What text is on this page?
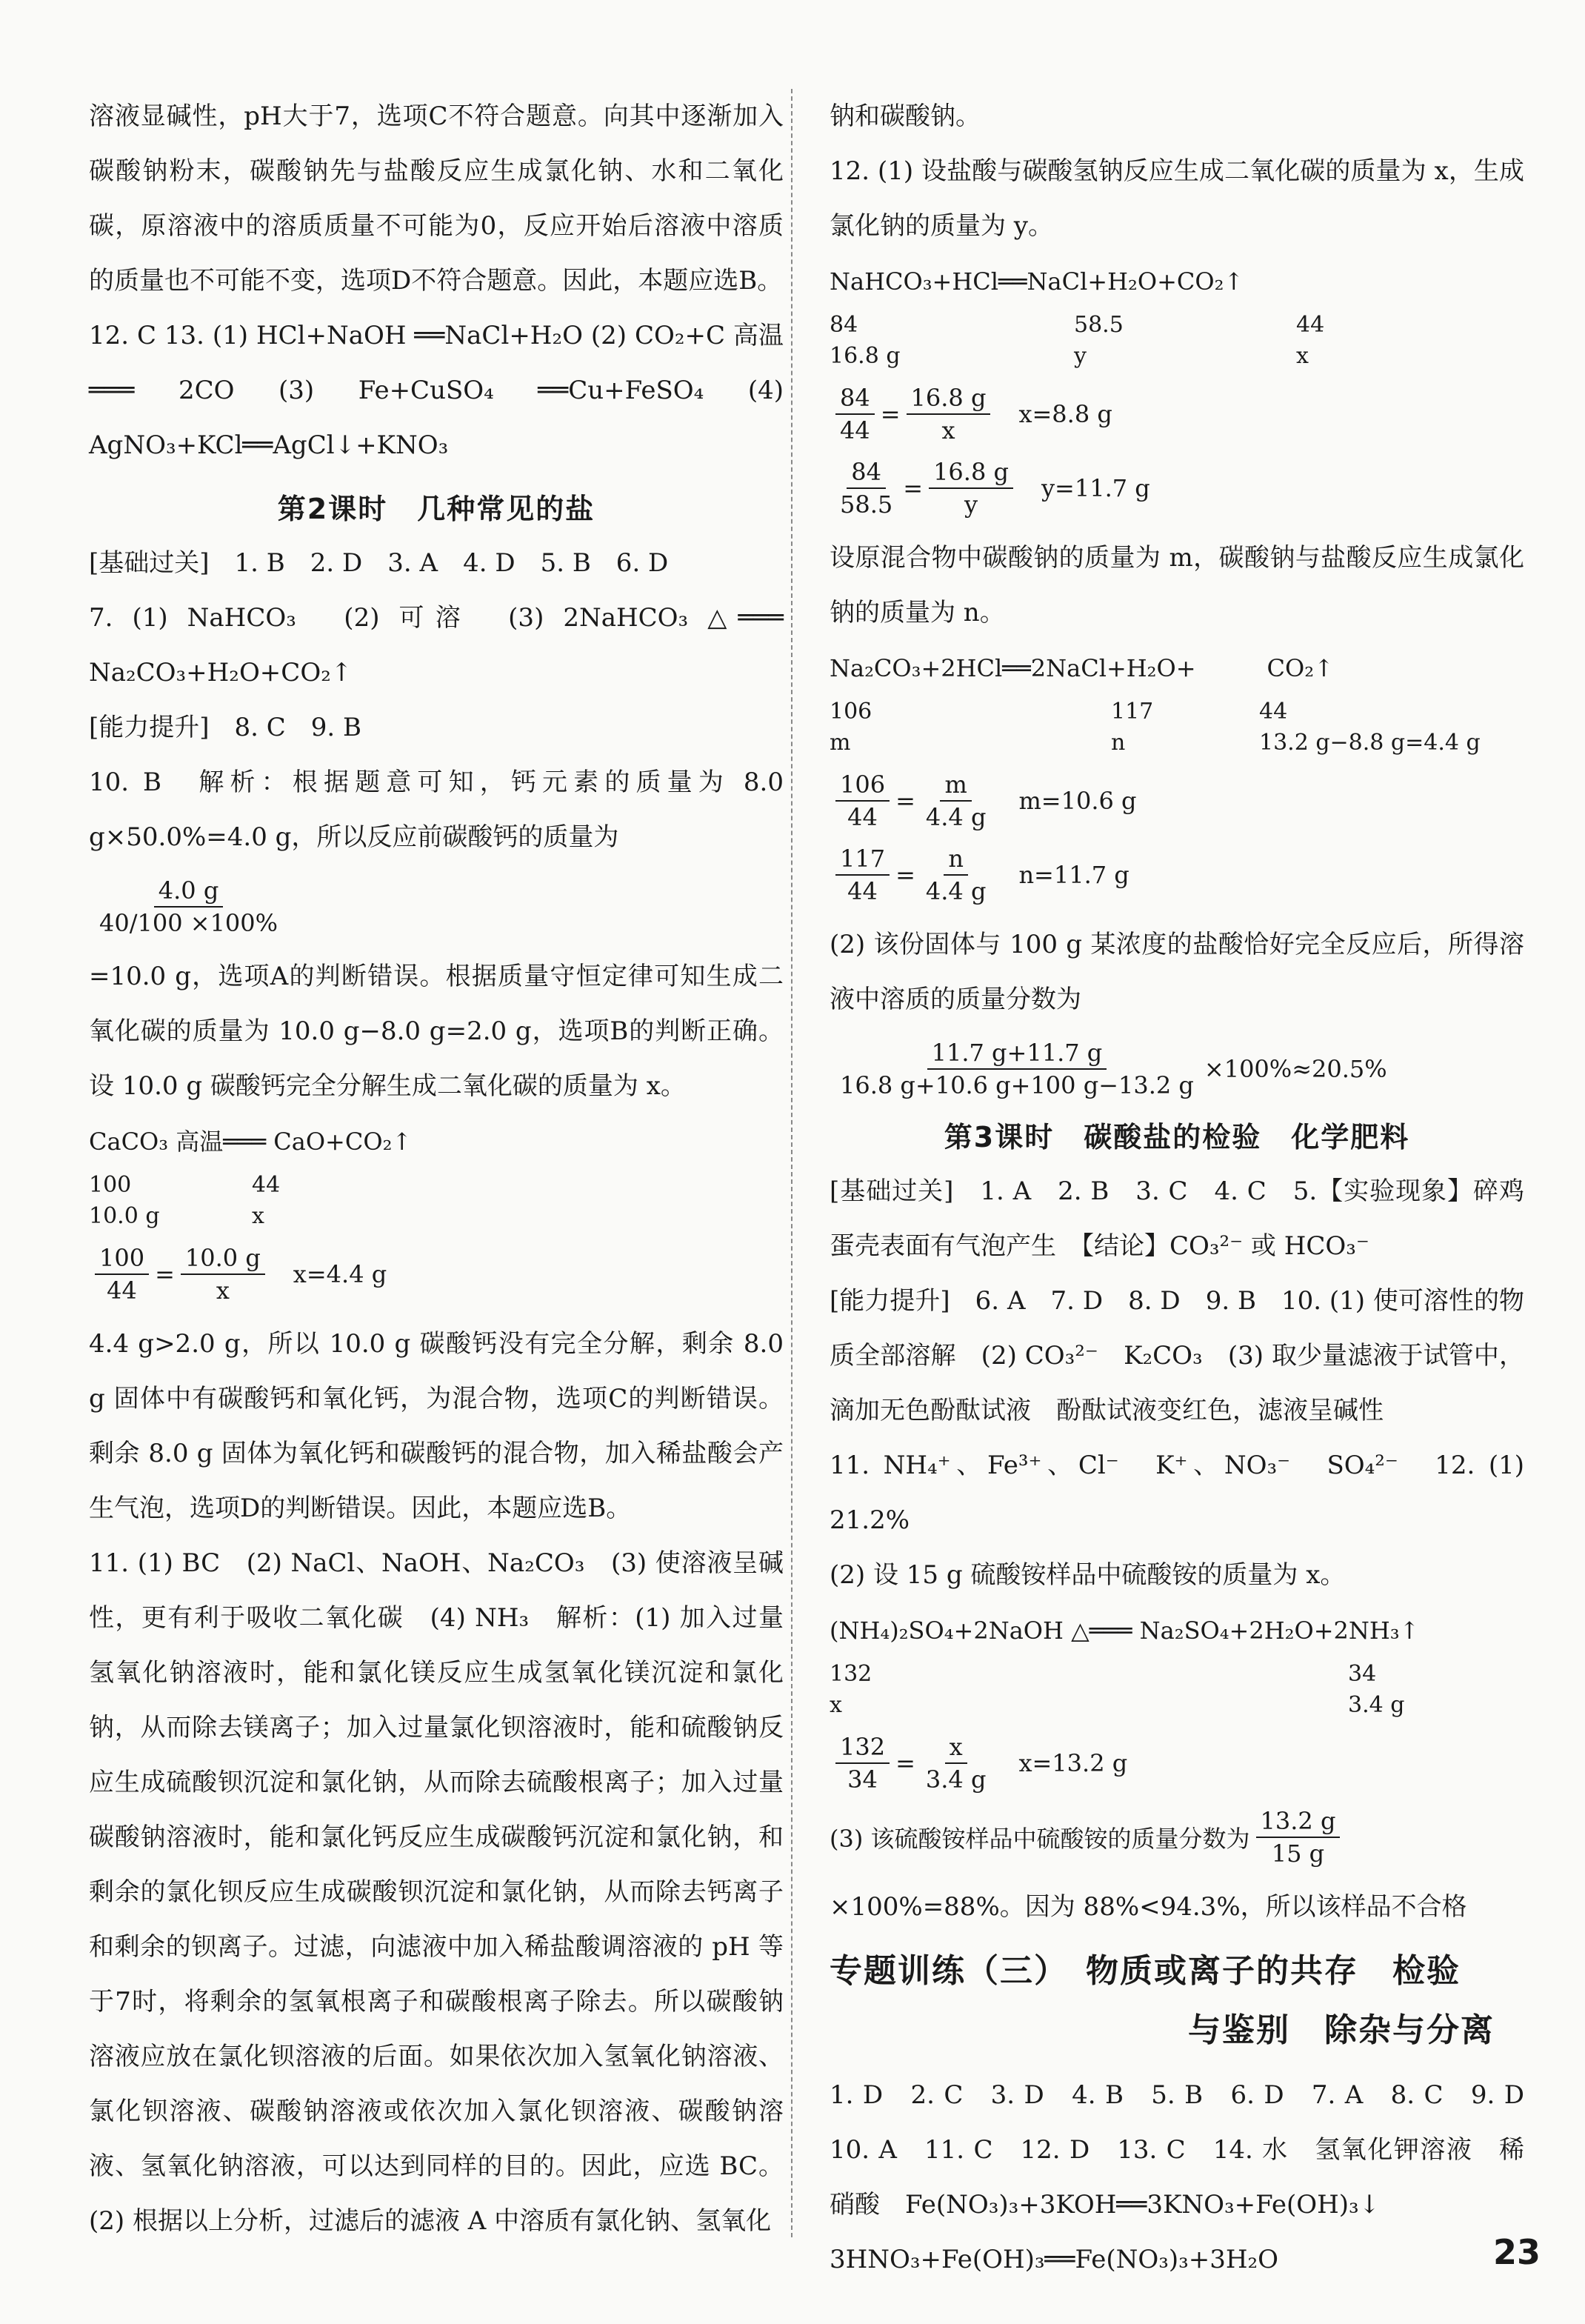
溶液显碱性，pH大于7，选项C不符合题意。向其中逐渐加入碳酸钠粉末，碳酸钠先与盐酸反应生成氯化钠、水和二氧化碳，原溶液中的溶质质量不可能为0，反应开始后溶液中溶质的质量也不可能不变，选项D不符合题意。因此，本题应选B。

12. C 13. (1) HCl+NaOH ══NaCl+H₂O (2) CO₂+C 高温═══ 2CO (3) Fe+CuSO₄ ══Cu+FeSO₄ (4) AgNO₃+KCl══AgCl↓+KNO₃

第2课时　几种常见的盐

[基础过关]　1. B　2. D　3. A　4. D　5. B　6. D

7. (1) NaHCO₃　(2) 可溶　(3) 2NaHCO₃ △═══ Na₂CO₃+H₂O+CO₂↑

[能力提升]　8. C　9. B

10. B　解析：根据题意可知，钙元素的质量为 8.0 g×50.0%=4.0 g，所以反应前碳酸钙的质量为

$\frac{4.0 g}{40/100 \times 100\%}$

=10.0 g，选项A的判断错误。根据质量守恒定律可知生成二氧化碳的质量为 10.0 g−8.0 g=2.0 g，选项B的判断正确。设 10.0 g 碳酸钙完全分解生成二氧化碳的质量为 x。

CaCO₃ 高温═══ CaO+CO₂↑
100	44
10.0 g	x
$\frac{100}{44} = \frac{10.0 g}{x} x=4.4$ g

4.4 g>2.0 g，所以 10.0 g 碳酸钙没有完全分解，剩余 8.0 g 固体中有碳酸钙和氧化钙，为混合物，选项C的判断错误。剩余 8.0 g 固体为氧化钙和碳酸钙的混合物，加入稀盐酸会产生气泡，选项D的判断错误。因此，本题应选B。

11. (1) BC　(2) NaCl、NaOH、Na₂CO₃　(3) 使溶液呈碱性，更有利于吸收二氧化碳　(4) NH₃　解析：(1) 加入过量氢氧化钠溶液时，能和氯化镁反应生成氢氧化镁沉淀和氯化钠，从而除去镁离子；加入过量氯化钡溶液时，能和硫酸钠反应生成硫酸钡沉淀和氯化钠，从而除去硫酸根离子；加入过量碳酸钠溶液时，能和氯化钙反应生成碳酸钙沉淀和氯化钠，和剩余的氯化钡反应生成碳酸钡沉淀和氯化钠，从而除去钙离子和剩余的钡离子。过滤，向滤液中加入稀盐酸调溶液的 pH 等于7时，将剩余的氢氧根离子和碳酸根离子除去。所以碳酸钠溶液应放在氯化钡溶液的后面。如果依次加入氢氧化钠溶液、氯化钡溶液、碳酸钠溶液或依次加入氯化钡溶液、碳酸钠溶液、氢氧化钠溶液，可以达到同样的目的。因此，应选 BC。(2) 根据以上分析，过滤后的滤液 A 中溶质有氯化钠、氢氧化

钠和碳酸钠。

12. (1) 设盐酸与碳酸氢钠反应生成二氧化碳的质量为 x，生成氯化钠的质量为 y。

NaHCO₃+HCl══NaCl+H₂O+CO₂↑
84	58.5	44
16.8 g	y	x
$\frac{84}{44} = \frac{16.8 g}{x} x=8.8$ g
$\frac{84}{58.5} = \frac{16.8 g}{y} y=11.7$ g

设原混合物中碳酸钠的质量为 m，碳酸钠与盐酸反应生成氯化钠的质量为 n。

Na₂CO₃+2HCl══2NaCl+H₂O+　　　CO₂↑
106	117	44
m	n	13.2 g−8.8 g=4.4 g
$\frac{106}{44} = \frac{m}{4.4 g} m=10.6$ g
$\frac{117}{44} = \frac{n}{4.4 g} n=11.7$ g

(2) 该份固体与 100 g 某浓度的盐酸恰好完全反应后，所得溶液中溶质的质量分数为

$\frac{11.7 g+11.7 g}{16.8 g+10.6 g+100 g-13.2 g} \times 100\%\approx 20.5\%$
第3课时　碳酸盐的检验　化学肥料

[基础过关]　1. A　2. B　3. C　4. C　5.【实验现象】碎鸡蛋壳表面有气泡产生　【结论】CO₃²⁻ 或 HCO₃⁻

[能力提升]　6. A　7. D　8. D　9. B　10. (1) 使可溶性的物质全部溶解　(2) CO₃²⁻　K₂CO₃　(3) 取少量滤液于试管中，滴加无色酚酞试液　酚酞试液变红色，滤液呈碱性

11. NH₄⁺、Fe³⁺、Cl⁻　K⁺、NO₃⁻　SO₄²⁻　12. (1) 21.2%

(2) 设 15 g 硫酸铵样品中硫酸铵的质量为 x。

(NH₄)₂SO₄+2NaOH △═══ Na₂SO₄+2H₂O+2NH₃↑
132	34
x	3.4 g
$\frac{132}{34} = \frac{x}{3.4 g} x=13.2$ g
(3) 该硫酸铵样品中硫酸铵的质量分数为 $\frac{13.2 g}{15 g}$

×100%=88%。因为 88%<94.3%，所以该样品不合格

专题训练（三）　物质或离子的共存　检验
与鉴别　除杂与分离

1. D　2. C　3. D　4. B　5. B　6. D　7. A　8. C　9. D　10. A　11. C　12. D　13. C　14. 水　氢氧化钾溶液　稀硝酸　Fe(NO₃)₃+3KOH══3KNO₃+Fe(OH)₃↓

3HNO₃+Fe(OH)₃══Fe(NO₃)₃+3H₂O	23
